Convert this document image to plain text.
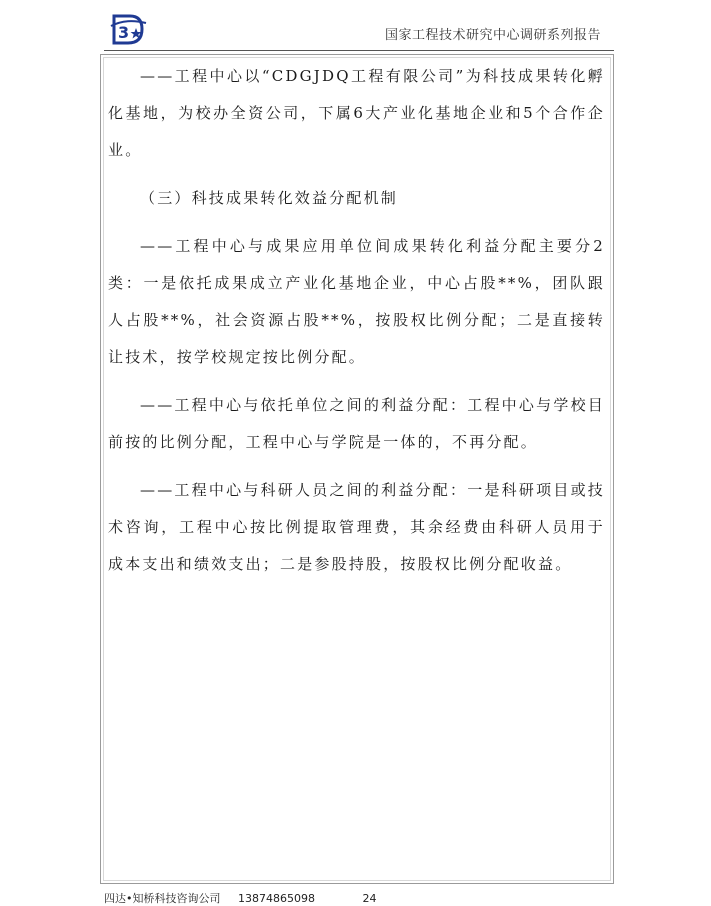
3	国家工程技术研究中心调研系列报告

——工程中心以“CDGJDQ工程有限公司”为科技成果转化孵化基地，为校办全资公司，下属6大产业化基地企业和5个合作企业。

（三）科技成果转化效益分配机制

——工程中心与成果应用单位间成果转化利益分配主要分2类：一是依托成果成立产业化基地企业，中心占股**%，团队跟人占股**%，社会资源占股**%，按股权比例分配；二是直接转让技术，按学校规定按比例分配。

——工程中心与依托单位之间的利益分配：工程中心与学校目前按的比例分配，工程中心与学院是一体的，不再分配。

——工程中心与科研人员之间的利益分配：一是科研项目或技术咨询，工程中心按比例提取管理费，其余经费由科研人员用于成本支出和绩效支出；二是参股持股，按股权比例分配收益。

四达•知桥科技咨询公司 13874865098	24
